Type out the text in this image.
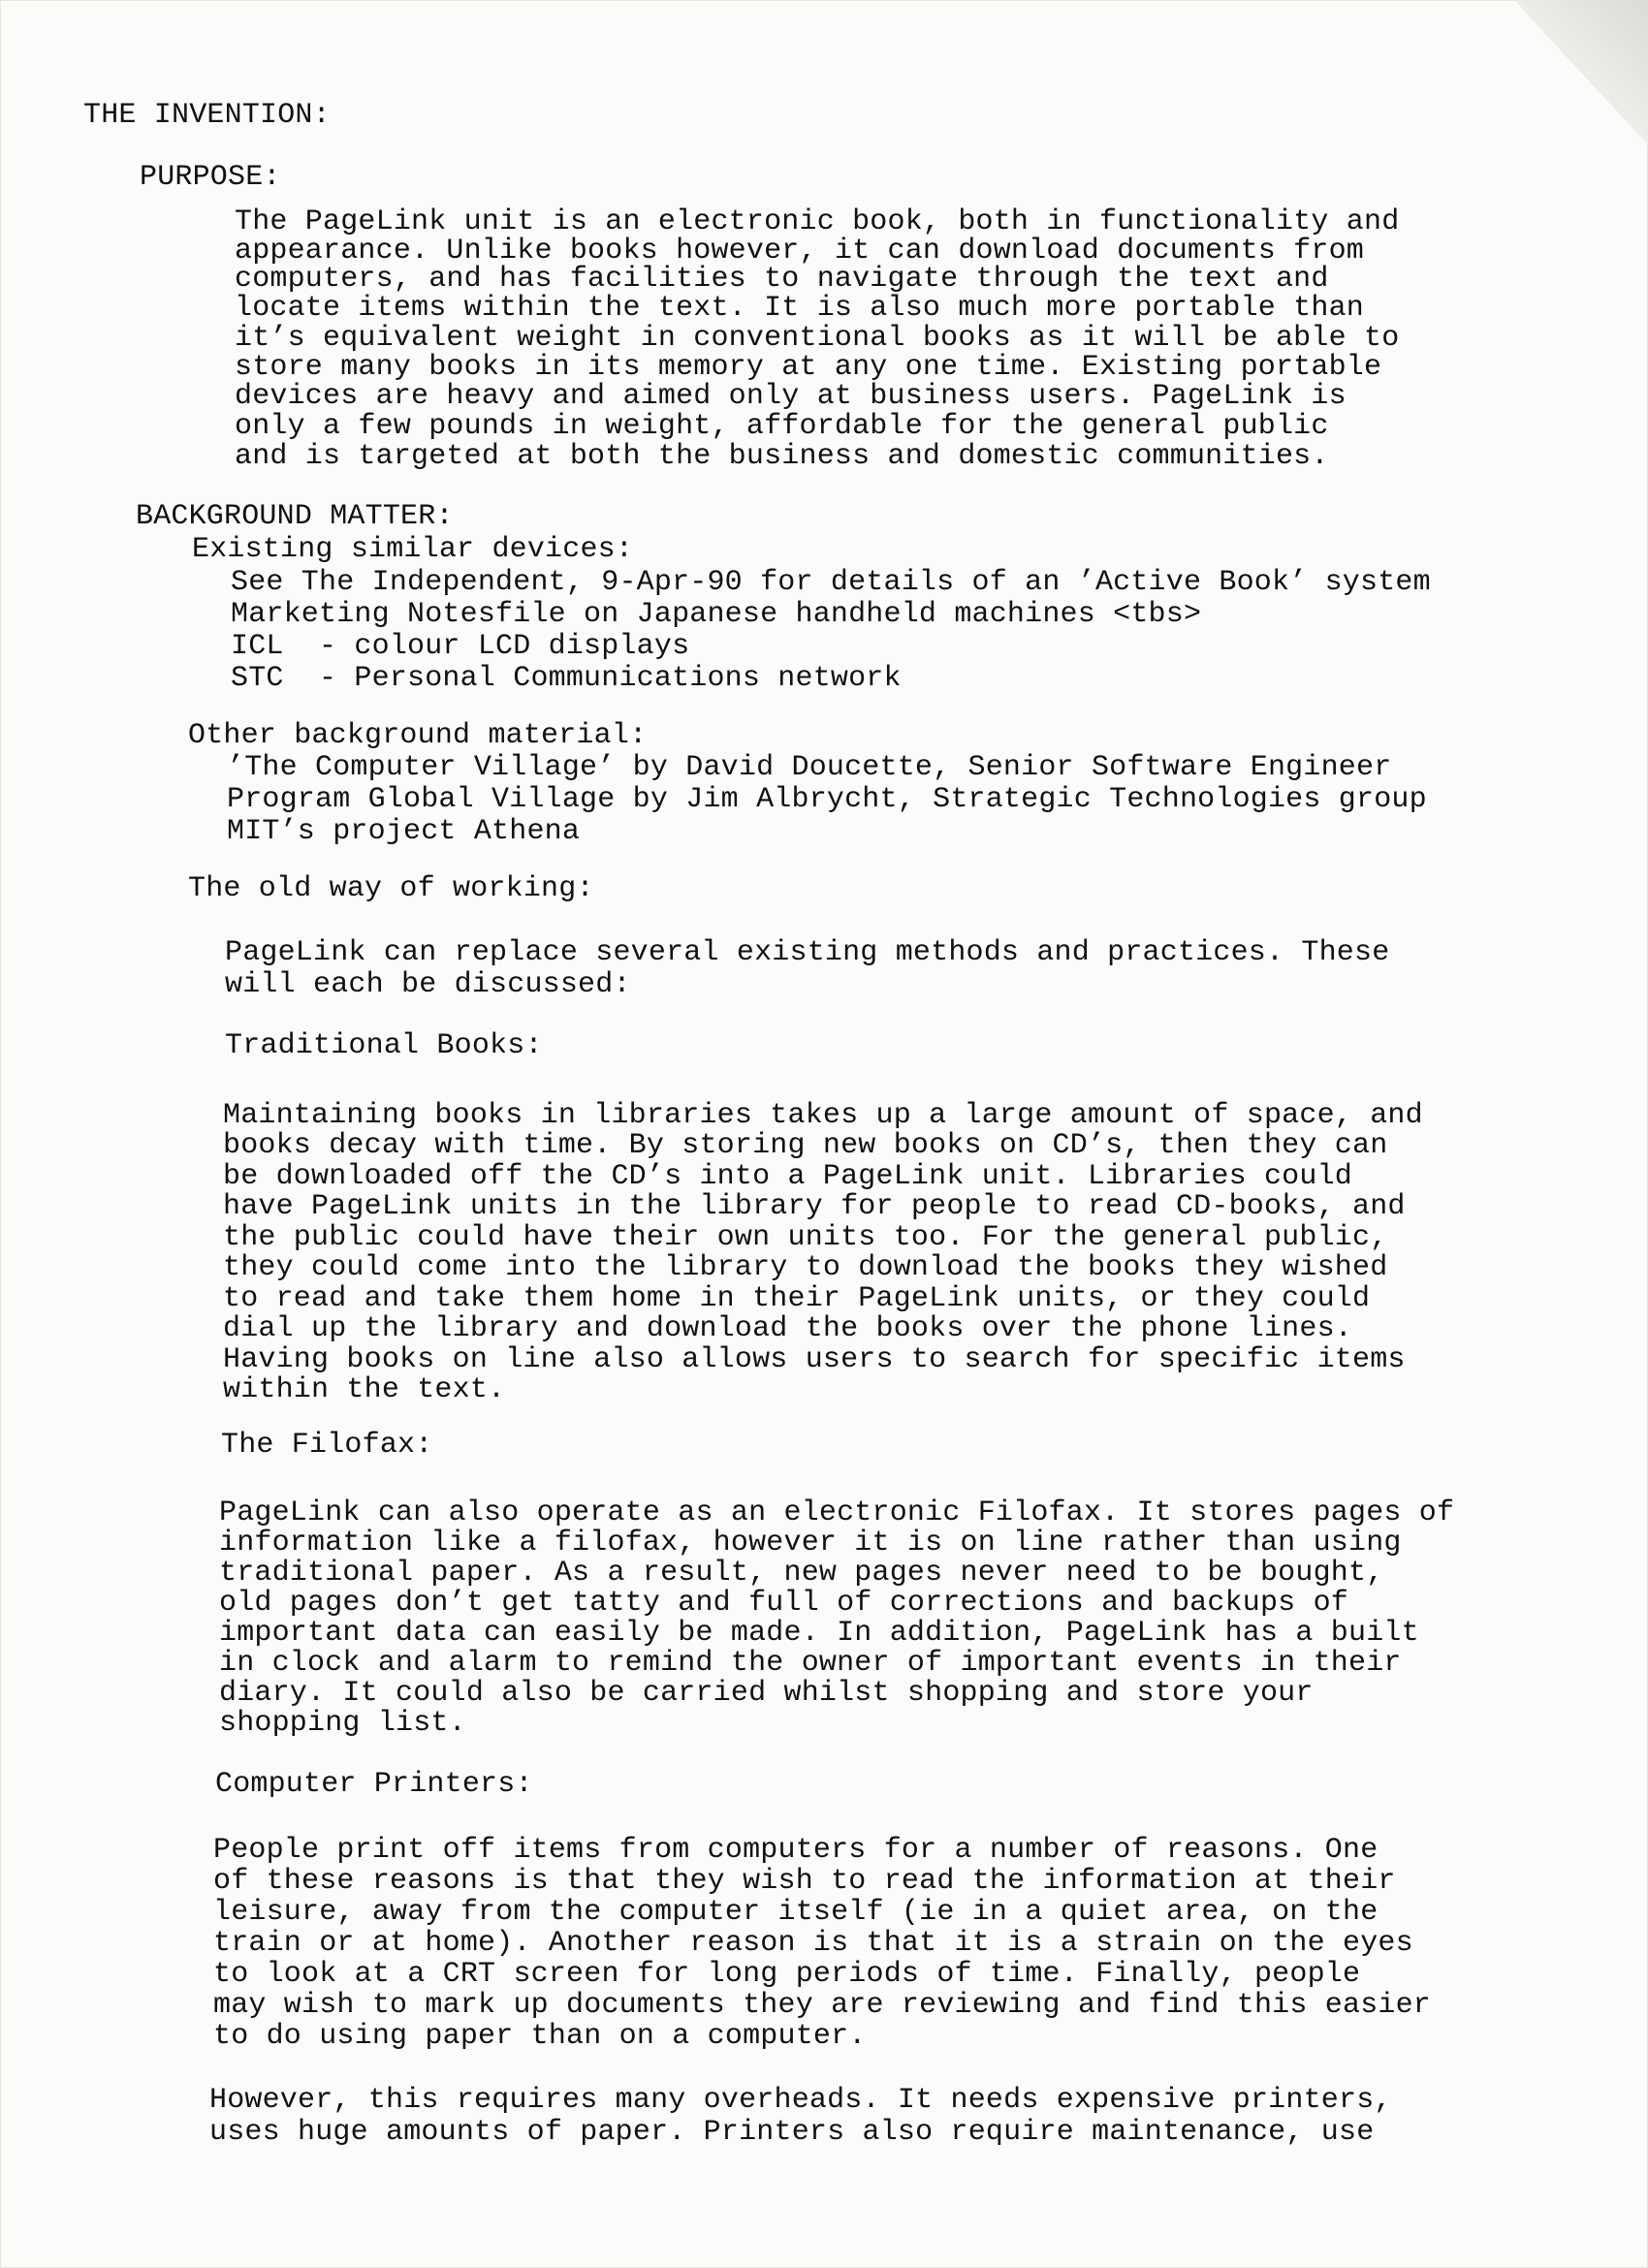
THE INVENTION:
PURPOSE:
The PageLink unit is an electronic book, both in functionality and
appearance. Unlike books however, it can download documents from
computers, and has facilities to navigate through the text and
locate items within the text. It is also much more portable than
it’s equivalent weight in conventional books as it will be able to
store many books in its memory at any one time. Existing portable
devices are heavy and aimed only at business users. PageLink is
only a few pounds in weight, affordable for the general public
and is targeted at both the business and domestic communities.
BACKGROUND MATTER:
Existing similar devices:
See The Independent, 9-Apr-90 for details of an ’Active Book’ system
Marketing Notesfile on Japanese handheld machines <tbs>
ICL  - colour LCD displays
STC  - Personal Communications network
Other background material:
’The Computer Village’ by David Doucette, Senior Software Engineer
Program Global Village by Jim Albrycht, Strategic Technologies group
MIT’s project Athena
The old way of working:
PageLink can replace several existing methods and practices. These
will each be discussed:
Traditional Books:
Maintaining books in libraries takes up a large amount of space, and
books decay with time. By storing new books on CD’s, then they can
be downloaded off the CD’s into a PageLink unit. Libraries could
have PageLink units in the library for people to read CD-books, and
the public could have their own units too. For the general public,
they could come into the library to download the books they wished
to read and take them home in their PageLink units, or they could
dial up the library and download the books over the phone lines.
Having books on line also allows users to search for specific items
within the text.
The Filofax:
PageLink can also operate as an electronic Filofax. It stores pages of
information like a filofax, however it is on line rather than using
traditional paper. As a result, new pages never need to be bought,
old pages don’t get tatty and full of corrections and backups of
important data can easily be made. In addition, PageLink has a built
in clock and alarm to remind the owner of important events in their
diary. It could also be carried whilst shopping and store your
shopping list.
Computer Printers:
People print off items from computers for a number of reasons. One
of these reasons is that they wish to read the information at their
leisure, away from the computer itself (ie in a quiet area, on the
train or at home). Another reason is that it is a strain on the eyes
to look at a CRT screen for long periods of time. Finally, people
may wish to mark up documents they are reviewing and find this easier
to do using paper than on a computer.
However, this requires many overheads. It needs expensive printers,
uses huge amounts of paper. Printers also require maintenance, use
